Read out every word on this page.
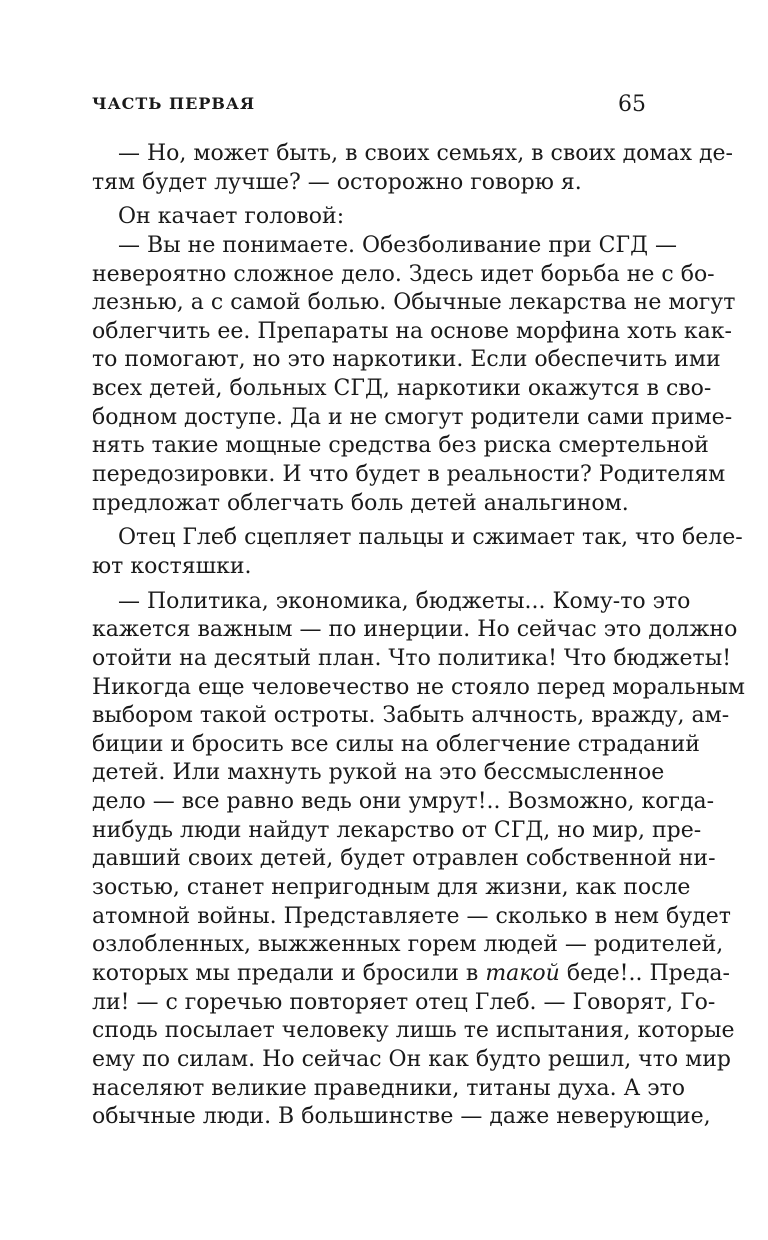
ЧАСТЬ ПЕРВАЯ	65
— Но, может быть, в своих семьях, в своих домах де-
тям будет лучше? — осторожно говорю я.
Он качает головой:
— Вы не понимаете. Обезболивание при СГД —
невероятно сложное дело. Здесь идет борьба не с бо-
лезнью, а с самой болью. Обычные лекарства не могут
облегчить ее. Препараты на основе морфина хоть как-
то помогают, но это наркотики. Если обеспечить ими
всех детей, больных СГД, наркотики окажутся в сво-
бодном доступе. Да и не смогут родители сами приме-
нять такие мощные средства без риска смертельной
передозировки. И что будет в реальности? Родителям
предложат облегчать боль детей анальгином.
Отец Глеб сцепляет пальцы и сжимает так, что беле-
ют костяшки.
— Политика, экономика, бюджеты... Кому-то это
кажется важным — по инерции. Но сейчас это должно
отойти на десятый план. Что политика! Что бюджеты!
Никогда еще человечество не стояло перед моральным
выбором такой остроты. Забыть алчность, вражду, ам-
биции и бросить все силы на облегчение страданий
детей. Или махнуть рукой на это бессмысленное
дело — все равно ведь они умрут!.. Возможно, когда-
нибудь люди найдут лекарство от СГД, но мир, пре-
давший своих детей, будет отравлен собственной ни-
зостью, станет непригодным для жизни, как после
атомной войны. Представляете — сколько в нем будет
озлобленных, выжженных горем людей — родителей,
которых мы предали и бросили в такой беде!.. Преда-
ли! — с горечью повторяет отец Глеб. — Говорят, Го-
сподь посылает человеку лишь те испытания, которые
ему по силам. Но сейчас Он как будто решил, что мир
населяют великие праведники, титаны духа. А это
обычные люди. В большинстве — даже неверующие,
